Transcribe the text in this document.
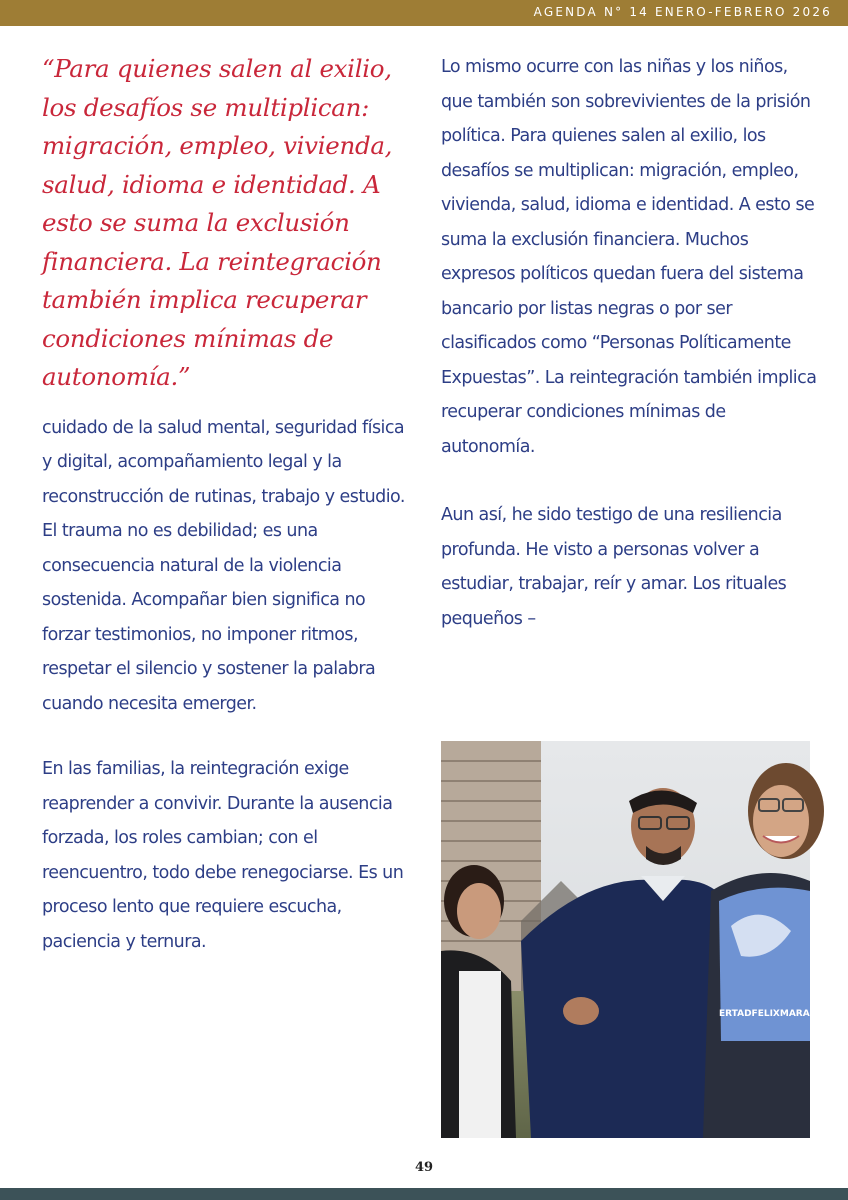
AGENDA N° 14 ENERO-FEBRERO 2026
“Para quienes salen al exilio, los desafíos se multiplican: migración, empleo, vivienda, salud, idioma e identidad. A esto se suma la exclusión financiera. La reintegración también implica recuperar condiciones mínimas de autonomía.”

cuidado de la salud mental, seguridad física y digital, acompañamiento legal y la reconstrucción de rutinas, trabajo y estudio. El trauma no es debilidad; es una consecuencia natural de la violencia sostenida. Acompañar bien significa no forzar testimonios, no imponer ritmos, respetar el silencio y sostener la palabra cuando necesita emerger.

En las familias, la reintegración exige reaprender a convivir. Durante la ausencia forzada, los roles cambian; con el reencuentro, todo debe renegociarse. Es un proceso lento que requiere escucha, paciencia y ternura.

Lo mismo ocurre con las niñas y los niños, que también son sobrevivientes de la prisión política. Para quienes salen al exilio, los desafíos se multiplican: migración, empleo, vivienda, salud, idioma e identidad. A esto se suma la exclusión financiera. Muchos expresos políticos quedan fuera del sistema bancario por listas negras o por ser clasificados como “Personas Políticamente Expuestas”. La reintegración también implica recuperar condiciones mínimas de autonomía.

Aun así, he sido testigo de una resiliencia profunda. He visto a personas volver a estudiar, trabajar, reír y amar. Los rituales pequeños –

ERTADFELIXMARADIAG
49
